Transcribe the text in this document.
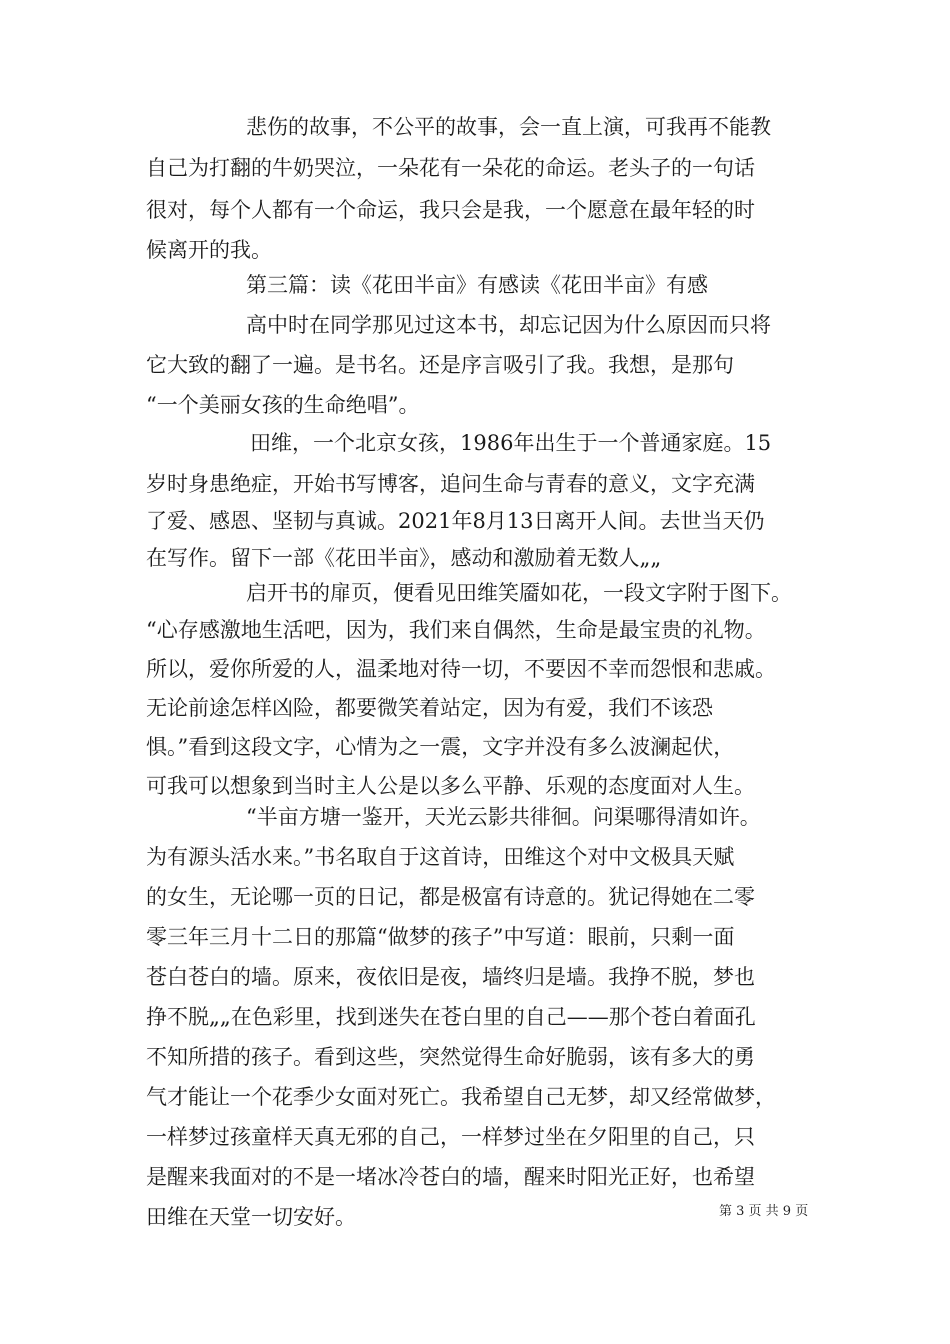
悲伤的故事，不公平的故事，会一直上演，可我再不能教
自己为打翻的牛奶哭泣，一朵花有一朵花的命运。老头子的一句话
很对，每个人都有一个命运，我只会是我，一个愿意在最年轻的时
候离开的我。
第三篇：读《花田半亩》有感读《花田半亩》有感
高中时在同学那见过这本书，却忘记因为什么原因而只将
它大致的翻了一遍。是书名。还是序言吸引了我。我想，是那句
“一个美丽女孩的生命绝唱”。
田维，一个北京女孩，1986年出生于一个普通家庭。15
岁时身患绝症，开始书写博客，追问生命与青春的意义，文字充满
了爱、感恩、坚韧与真诚。2021年8月13日离开人间。去世当天仍
在写作。留下一部《花田半亩》，感动和激励着无数人„„
启开书的扉页，便看见田维笑靥如花，一段文字附于图下。
“心存感激地生活吧，因为，我们来自偶然，生命是最宝贵的礼物。
所以，爱你所爱的人，温柔地对待一切，不要因不幸而怨恨和悲戚。
无论前途怎样凶险，都要微笑着站定，因为有爱，我们不该恐
惧。”看到这段文字，心情为之一震，文字并没有多么波澜起伏，
可我可以想象到当时主人公是以多么平静、乐观的态度面对人生。
“半亩方塘一鉴开，天光云影共徘徊。问渠哪得清如许。
为有源头活水来。”书名取自于这首诗，田维这个对中文极具天赋
的女生，无论哪一页的日记，都是极富有诗意的。犹记得她在二零
零三年三月十二日的那篇“做梦的孩子”中写道：眼前，只剩一面
苍白苍白的墙。原来，夜依旧是夜，墙终归是墙。我挣不脱，梦也
挣不脱„„在色彩里，找到迷失在苍白里的自己——那个苍白着面孔
不知所措的孩子。看到这些，突然觉得生命好脆弱，该有多大的勇
气才能让一个花季少女面对死亡。我希望自己无梦，却又经常做梦，
一样梦过孩童样天真无邪的自己，一样梦过坐在夕阳里的自己，只
是醒来我面对的不是一堵冰冷苍白的墙，醒来时阳光正好，也希望
田维在天堂一切安好。	第 3 页 共 9 页
